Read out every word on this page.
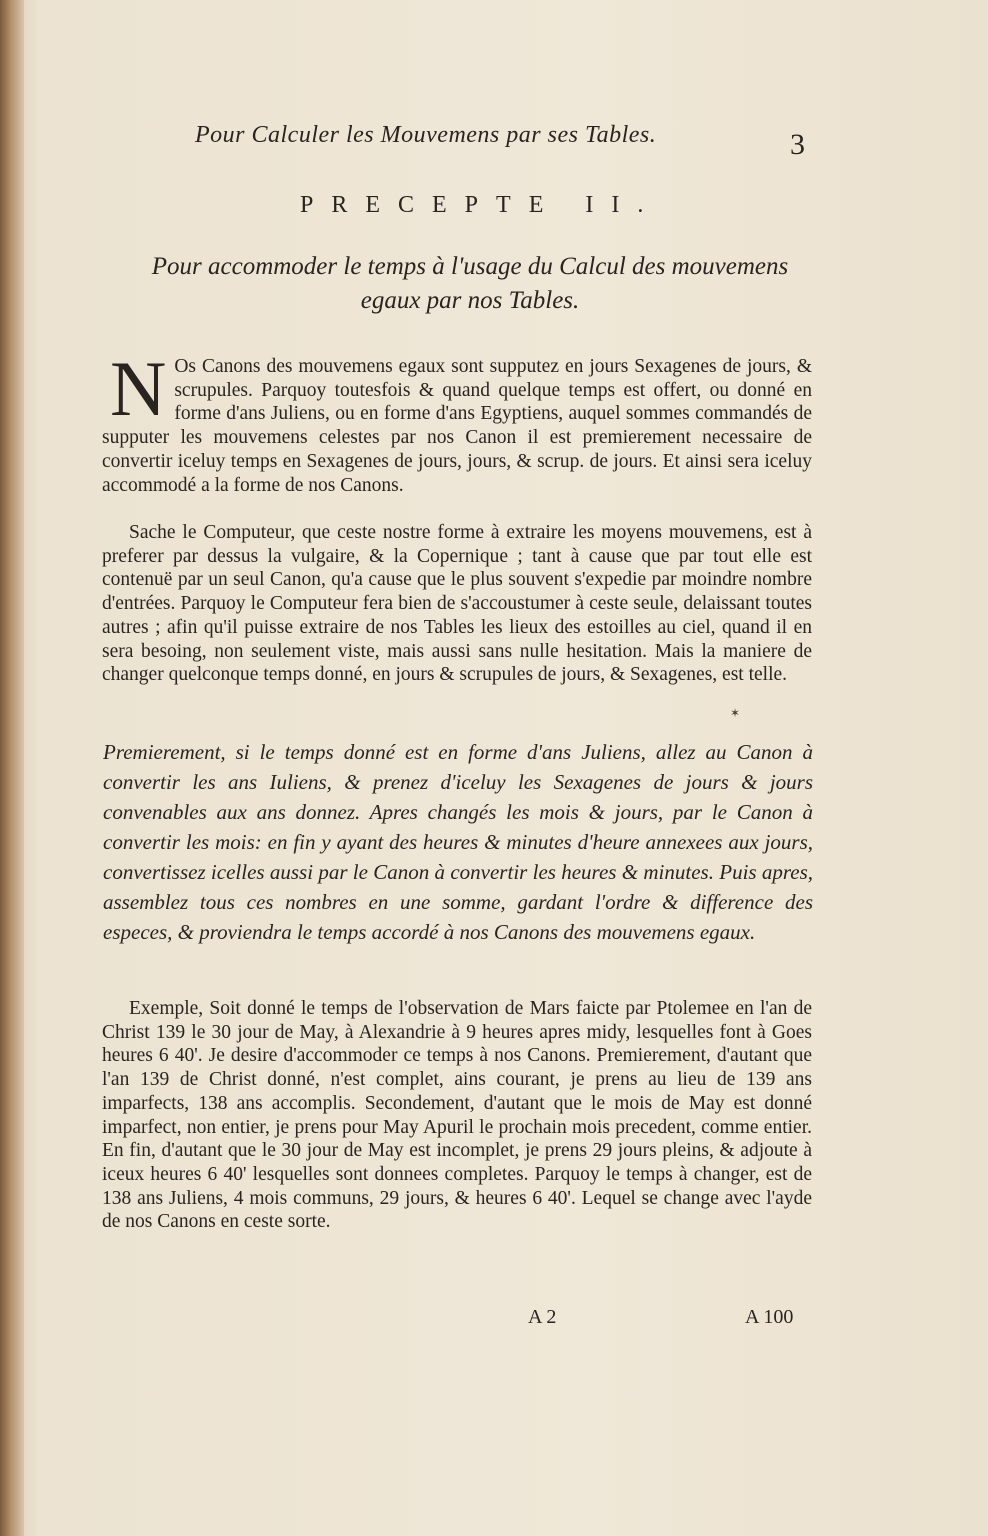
Pour Calculer les Mouvemens par ses Tables.	3
PRECEPTE II.
Pour accommoder le temps à l'usage du Calcul des mouvemens egaux par nos Tables.

N Os Canons des mouvemens egaux sont supputez en jours Sexagenes de jours, & scrupules. Parquoy toutesfois & quand quelque temps est offert, ou donné en forme d'ans Juliens, ou en forme d'ans Egyptiens, auquel sommes commandés de supputer les mouvemens celestes par nos Canon il est premierement necessaire de convertir iceluy temps en Sexagenes de jours, jours, & scrup. de jours. Et ainsi sera iceluy accommodé a la forme de nos Canons.

Sache le Computeur, que ceste nostre forme à extraire les moyens mouvemens, est à preferer par dessus la vulgaire, & la Copernique ; tant à cause que par tout elle est contenuë par un seul Canon, qu'a cause que le plus souvent s'expedie par moindre nombre d'entrées. Parquoy le Computeur fera bien de s'accoustumer à ceste seule, delaissant toutes autres ; afin qu'il puisse extraire de nos Tables les lieux des estoilles au ciel, quand il en sera besoing, non seulement viste, mais aussi sans nulle hesitation. Mais la maniere de changer quelconque temps donné, en jours & scrupules de jours, & Sexagenes, est telle.

✶

Premierement, si le temps donné est en forme d'ans Juliens, allez au Canon à convertir les ans Iuliens, & prenez d'iceluy les Sexagenes de jours & jours convenables aux ans donnez. Apres changés les mois & jours, par le Canon à convertir les mois: en fin y ayant des heures & minutes d'heure annexees aux jours, convertissez icelles aussi par le Canon à convertir les heures & minutes. Puis apres, assemblez tous ces nombres en une somme, gardant l'ordre & difference des especes, & proviendra le temps accordé à nos Canons des mouvemens egaux.

Exemple, Soit donné le temps de l'observation de Mars faicte par Ptolemee en l'an de Christ 139 le 30 jour de May, à Alexandrie à 9 heures apres midy, lesquelles font à Goes heures 6 40'. Je desire d'accommoder ce temps à nos Canons. Premierement, d'autant que l'an 139 de Christ donné, n'est complet, ains courant, je prens au lieu de 139 ans imparfects, 138 ans accomplis. Secondement, d'autant que le mois de May est donné imparfect, non entier, je prens pour May Apuril le prochain mois precedent, comme entier. En fin, d'autant que le 30 jour de May est incomplet, je prens 29 jours pleins, & adjoute à iceux heures 6 40' lesquelles sont donnees completes. Parquoy le temps à changer, est de 138 ans Juliens, 4 mois communs, 29 jours, & heures 6 40'. Lequel se change avec l'ayde de nos Canons en ceste sorte.

A 2	A 100
